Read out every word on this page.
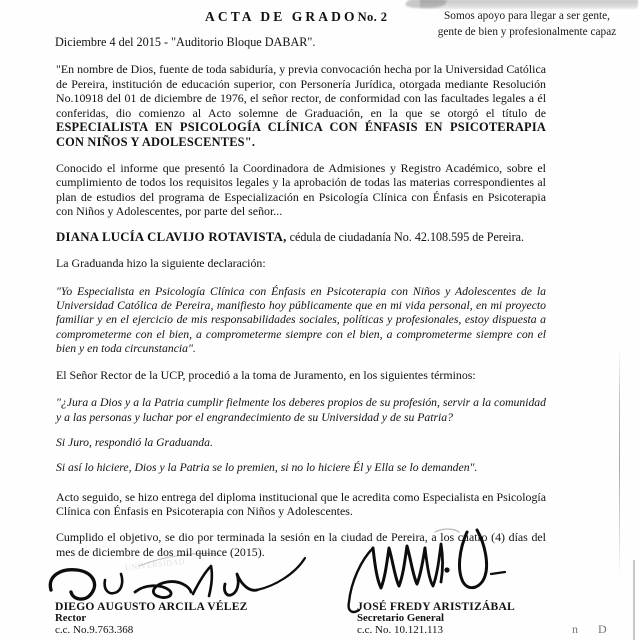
ACTA DE GRADONo. 2	Somos apoyo para llegar a ser gente,
gente de bien y profesionalmente capaz
Diciembre 4 del 2015 - "Auditorio Bloque DABAR".

"En nombre de Dios, fuente de toda sabiduría, y previa convocación hecha por la Universidad Católica de Pereira, institución de educación superior, con Personería Jurídica, otorgada mediante Resolución No.10918 del 01 de diciembre de 1976, el señor rector, de conformidad con las facultades legales a él conferidas, dio comienzo al Acto solemne de Graduación, en la que se otorgó el título de ESPECIALISTA EN PSICOLOGÍA CLÍNICA CON ÉNFASIS EN PSICOTERAPIA CON NIÑOS Y ADOLESCENTES".

Conocido el informe que presentó la Coordinadora de Admisiones y Registro Académico, sobre el cumplimiento de todos los requisitos legales y la aprobación de todas las materias correspondientes al plan de estudios del programa de Especialización en Psicología Clínica con Énfasis en Psicoterapia con Niños y Adolescentes, por parte del señor...

DIANA LUCÍA CLAVIJO ROTAVISTA, cédula de ciudadanía No. 42.108.595 de Pereira.

La Graduanda hizo la siguiente declaración:

"Yo Especialista en Psicología Clínica con Énfasis en Psicoterapia con Niños y Adolescentes de la Universidad Católica de Pereira, manifiesto hoy públicamente que en mi vida personal, en mi proyecto familiar y en el ejercicio de mis responsabilidades sociales, políticas y profesionales, estoy dispuesta a comprometerme con el bien, a comprometerme siempre con el bien, a comprometerme siempre con el bien y en toda circunstancia".

El Señor Rector de la UCP, procedió a la toma de Juramento, en los siguientes términos:

"¿Jura a Dios y a la Patria cumplir fielmente los deberes propios de su profesión, servir a la comunidad y a las personas y luchar por el engrandecimiento de su Universidad y de su Patria?

Si Juro, respondió la Graduanda.

Si así lo hiciere, Dios y la Patria se lo premien, si no lo hiciere Él y Ella se lo demanden".

Acto seguido, se hizo entrega del diploma institucional que le acredita como Especialista en Psicología Clínica con Énfasis en Psicoterapia con Niños y Adolescentes.

Cumplido el objetivo, se dio por terminada la sesión en la ciudad de Pereira, a los cuatro (4) días del mes de diciembre de dos mil quince (2015).

UNIVERSIDAD
DIEGO AUGUSTO ARCILA VÉLEZ
Rector
c.c. No.9.763.368
JOSÉ FREDY ARISTIZÁBAL
Secretario General
c.c. No. 10.121.113	n D
